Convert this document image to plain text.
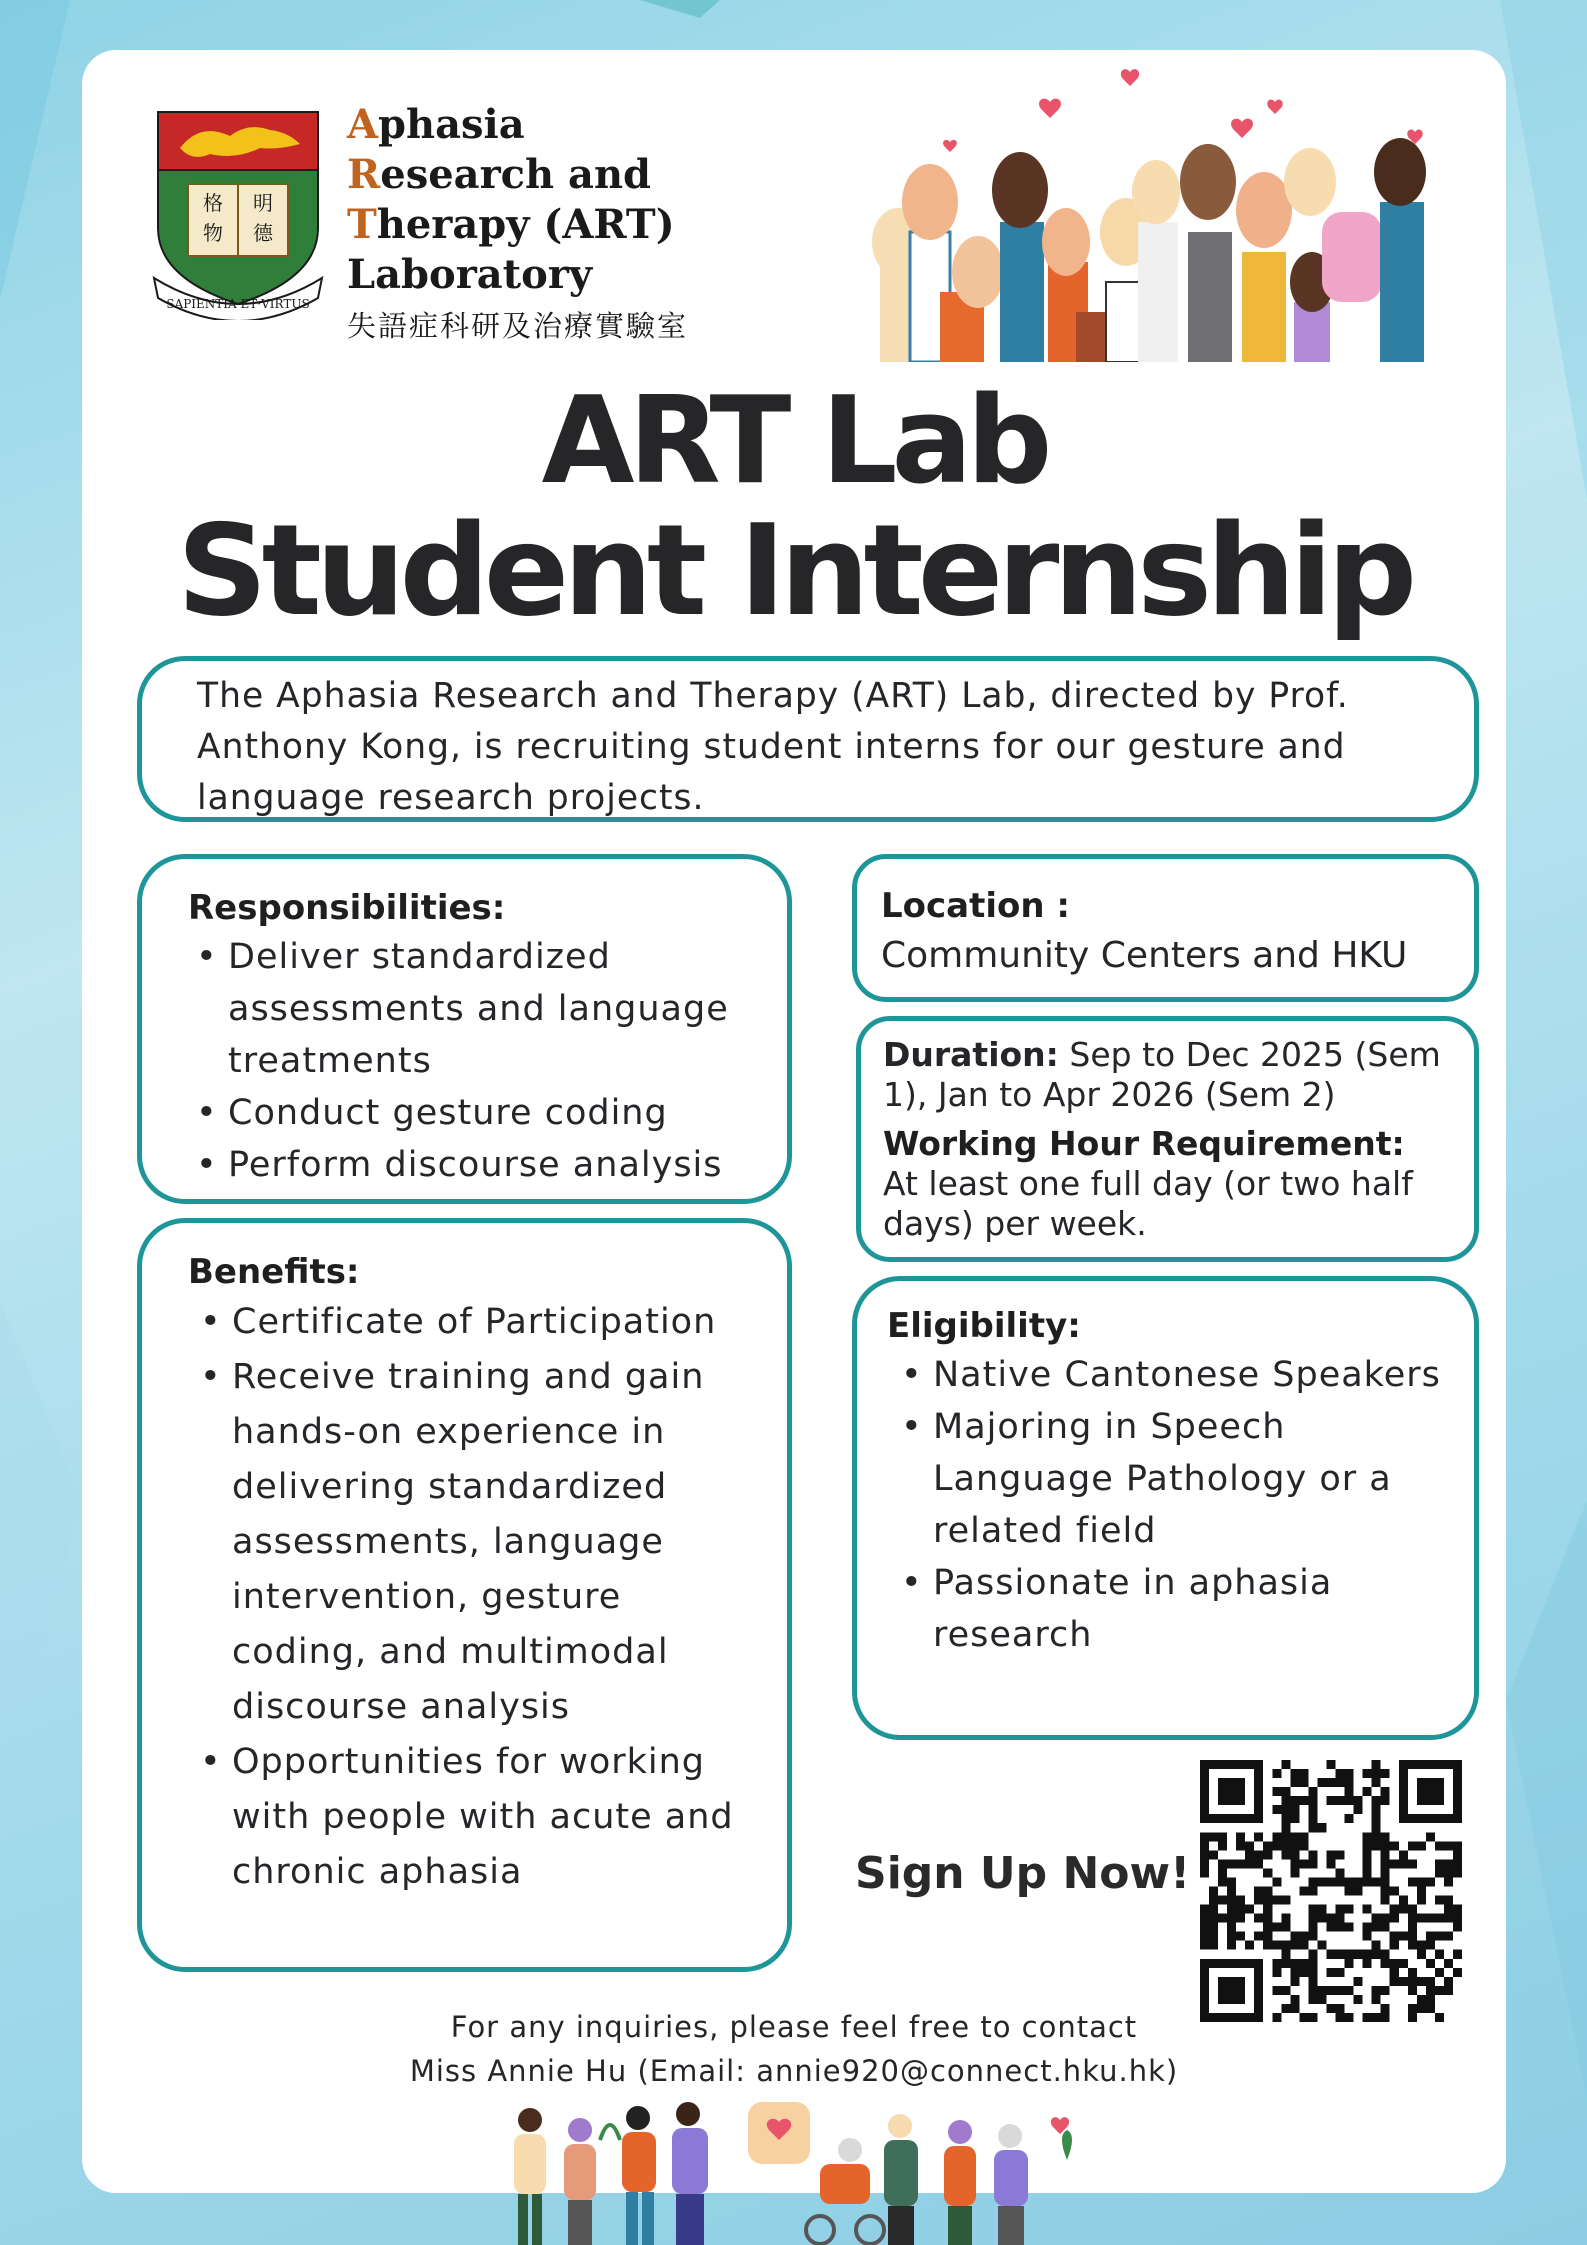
格 明
物 德
SAPIENTIA·ET·VIRTUS
Aphasia
Research and
Therapy (ART)
Laboratory
失語症科研及治療實驗室
ART Lab
Student Internship

The Aphasia Research and Therapy (ART) Lab, directed by Prof.

Anthony Kong, is recruiting student interns for our gesture and

language research projects.

Responsibilities:
• Deliver standardized assessments and language treatments
• Conduct gesture coding
• Perform discourse analysis
Benefits:
• Certificate of Participation
• Receive training and gain hands-on experience in delivering standardized assessments, language intervention, gesture coding, and multimodal discourse analysis
• Opportunities for working with people with acute and chronic aphasia
Location :
Community Centers and HKU
Duration: Sep to Dec 2025 (Sem 1), Jan to Apr 2026 (Sem 2)
Working Hour Requirement:
At least one full day (or two half days) per week.
Eligibility:
• Native Cantonese Speakers
• Majoring in Speech Language Pathology or a related field
• Passionate in aphasia research
Sign Up Now!
For any inquiries, please feel free to contact
Miss Annie Hu (Email: annie920@connect.hku.hk)
